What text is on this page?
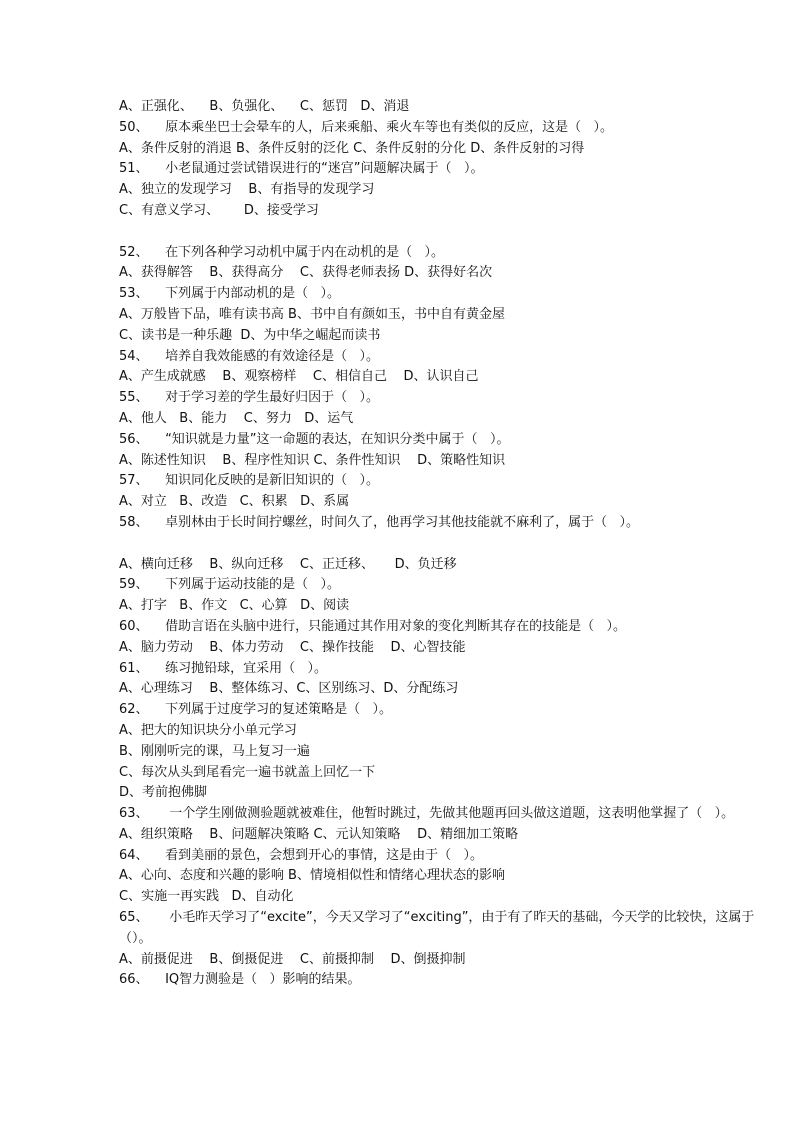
A、正强化、    B、负强化、    C、惩罚   D、消退
50、    原本乘坐巴士会晕车的人，后来乘船、乘火车等也有类似的反应，这是（   ）。
A、条件反射的消退 B、条件反射的泛化 C、条件反射的分化 D、条件反射的习得
51、    小老鼠通过尝试错误进行的“迷宫”问题解决属于（   ）。
A、独立的发现学习    B、有指导的发现学习
C、有意义学习、      D、接受学习
52、    在下列各种学习动机中属于内在动机的是（   ）。
A、获得解答    B、获得高分    C、获得老师表扬 D、获得好名次
53、    下列属于内部动机的是（   ）。
A、万般皆下品，唯有读书高 B、书中自有颜如玉，书中自有黄金屋
C、读书是一种乐趣  D、为中华之崛起而读书
54、    培养自我效能感的有效途径是（   ）。
A、产生成就感    B、观察榜样    C、相信自己    D、认识自己
55、    对于学习差的学生最好归因于（   ）。
A、他人   B、能力    C、努力   D、运气
56、    “知识就是力量”这一命题的表达，在知识分类中属于（   ）。
A、陈述性知识    B、程序性知识 C、条件性知识    D、策略性知识
57、    知识同化反映的是新旧知识的（   ）。
A、对立   B、改造   C、积累   D、系属
58、    卓别林由于长时间拧螺丝，时间久了，他再学习其他技能就不麻利了，属于（   ）。
A、横向迁移    B、纵向迁移    C、正迁移、     D、负迁移
59、    下列属于运动技能的是（   ）。
A、打字   B、作文   C、心算   D、阅读
60、    借助言语在头脑中进行，只能通过其作用对象的变化判断其存在的技能是（   ）。
A、脑力劳动    B、体力劳动    C、操作技能    D、心智技能
61、    练习抛铅球，宜采用（   ）。
A、心理练习    B、整体练习、C、区别练习、D、分配练习
62、    下列属于过度学习的复述策略是（   ）。
A、把大的知识块分小单元学习
B、刚刚听完的课，马上复习一遍
C、每次从头到尾看完一遍书就盖上回忆一下
D、考前抱佛脚
63、     一个学生刚做测验题就被难住，他暂时跳过，先做其他题再回头做这道题，这表明他掌握了（   ）。
A、组织策略    B、问题解决策略 C、元认知策略    D、精细加工策略
64、    看到美丽的景色，会想到开心的事情，这是由于（   ）。
A、心向、态度和兴趣的影响 B、情境相似性和情绪心理状态的影响
C、实施一再实践   D、自动化
65、     小毛昨天学习了“excite”，今天又学习了“exciting”，由于有了昨天的基础，今天学的比较快，这属于（）。
A、前摄促进    B、倒摄促进    C、前摄抑制    D、倒摄抑制
66、    IQ智力测验是（   ）影响的结果。
